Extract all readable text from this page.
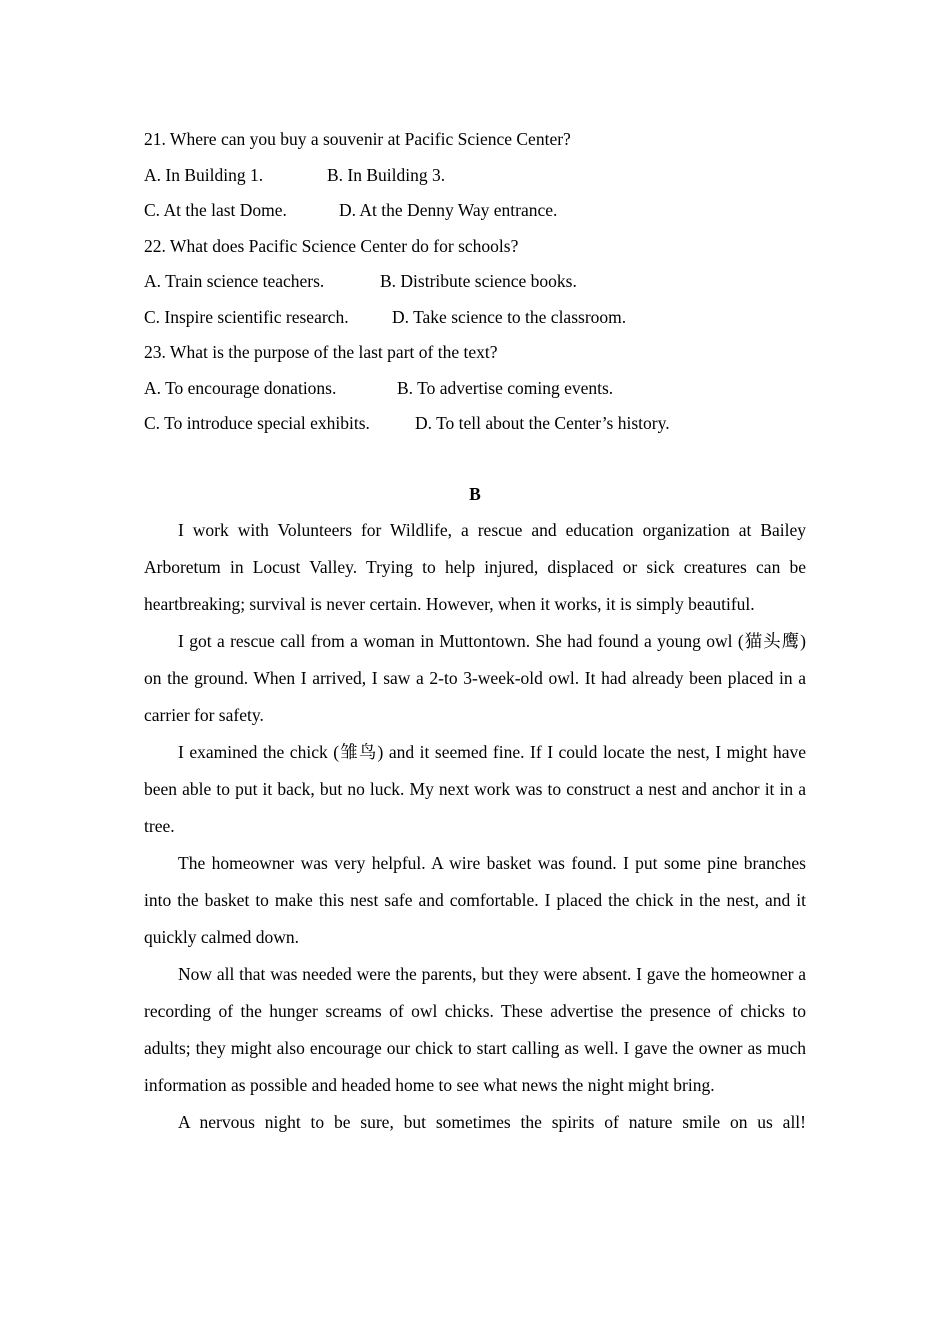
21. Where can you buy a souvenir at Pacific Science Center?
A. In Building 1.	B. In Building 3.
C. At the last Dome.	D. At the Denny Way entrance.
22. What does Pacific Science Center do for schools?
A. Train science teachers.	B. Distribute science books.
C. Inspire scientific research. D. Take science to the classroom.
23. What is the purpose of the last part of the text?
A. To encourage donations.	B. To advertise coming events.
C. To introduce special exhibits.	D. To tell about the Center’s history.
B

I work with Volunteers for Wildlife, a rescue and education organization at Bailey Arboretum in Locust Valley. Trying to help injured, displaced or sick creatures can be heartbreaking; survival is never certain. However, when it works, it is simply beautiful.

I got a rescue call from a woman in Muttontown. She had found a young owl (猫头鹰) on the ground. When I arrived, I saw a 2-to 3-week-old owl. It had already been placed in a carrier for safety.

I examined the chick (雏鸟) and it seemed fine. If I could locate the nest, I might have been able to put it back, but no luck. My next work was to construct a nest and anchor it in a tree.

The homeowner was very helpful. A wire basket was found. I put some pine branches into the basket to make this nest safe and comfortable. I placed the chick in the nest, and it quickly calmed down.

Now all that was needed were the parents, but they were absent. I gave the homeowner a recording of the hunger screams of owl chicks. These advertise the presence of chicks to adults; they might also encourage our chick to start calling as well. I gave the owner as much information as possible and headed home to see what news the night might bring.

A nervous night to be sure, but sometimes the spirits of nature smile on us all!
